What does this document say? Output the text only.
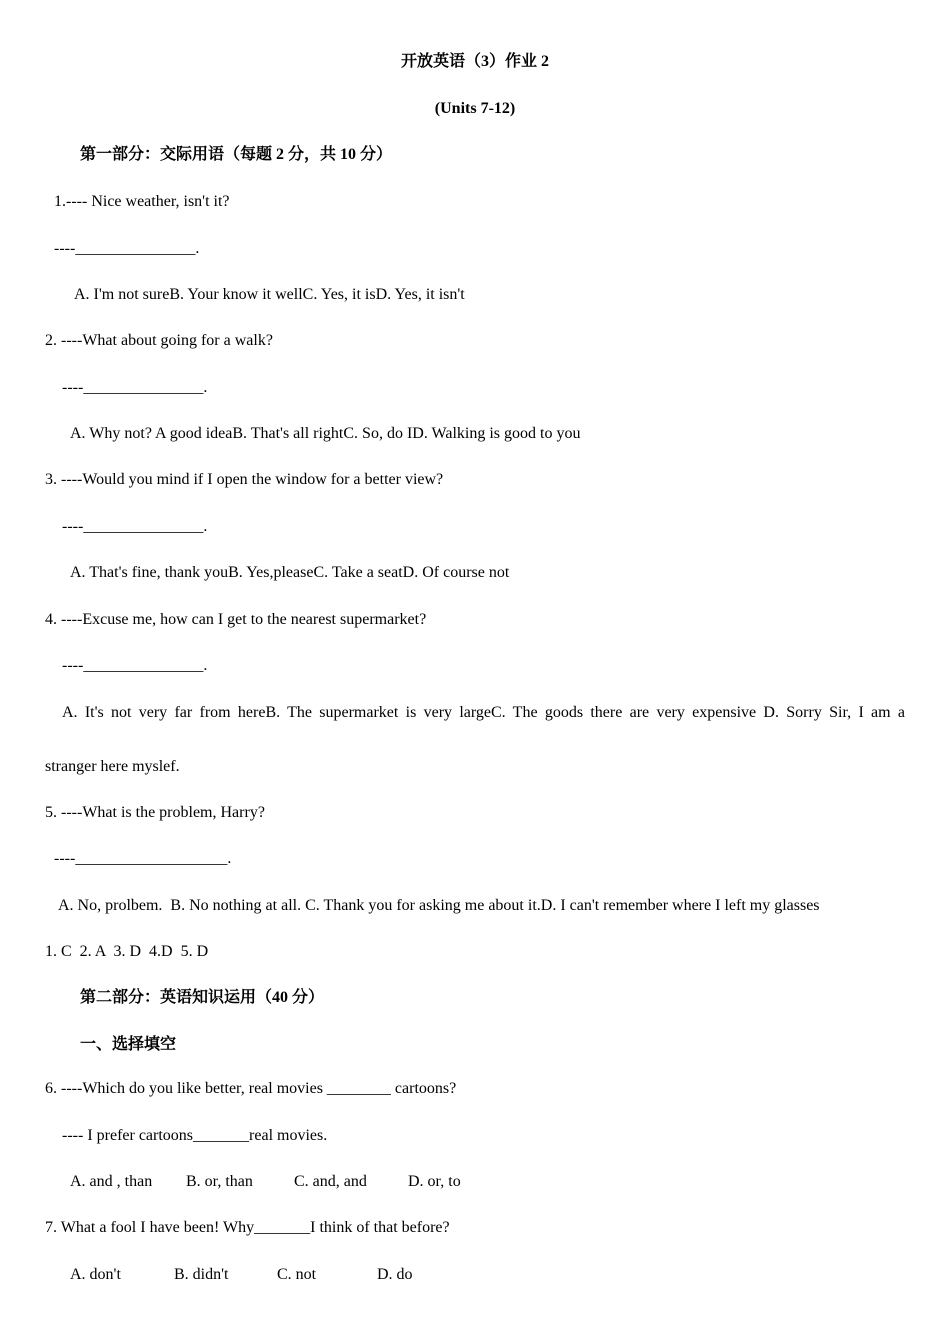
开放英语（3）作业 2
(Units 7-12)
第一部分：交际用语（每题 2 分，共 10 分）
1.---- Nice weather, isn't it?
----_______________.
A. I'm not sureB. Your know it wellC. Yes, it isD. Yes, it isn't
2. ----What about going for a walk?
----_______________.
A. Why not? A good ideaB. That's all rightC. So, do ID. Walking is good to you
3. ----Would you mind if I open the window for a better view?
----_______________.
A. That's fine, thank youB. Yes,pleaseC. Take a seatD. Of course not
4. ----Excuse me, how can I get to the nearest supermarket?
----_______________.
A. It's not very far from hereB. The supermarket is very largeC. The goods there are very expensive D. Sorry Sir, I am a
stranger here myslef.
5. ----What is the problem, Harry?
----___________________.
A. No, prolbem.  B. No nothing at all. C. Thank you for asking me about it.D. I can't remember where I left my glasses
1. C  2. A  3. D  4.D  5. D
第二部分：英语知识运用（40 分）
一、选择填空
6. ----Which do you like better, real movies ________ cartoons?
---- I prefer cartoons_______real movies.
A. and , than B. or, than	C. and, and	D. or, to
7. What a fool I have been! Why_______I think of that before?
A. don't	B. didn't	C. not	D. do
